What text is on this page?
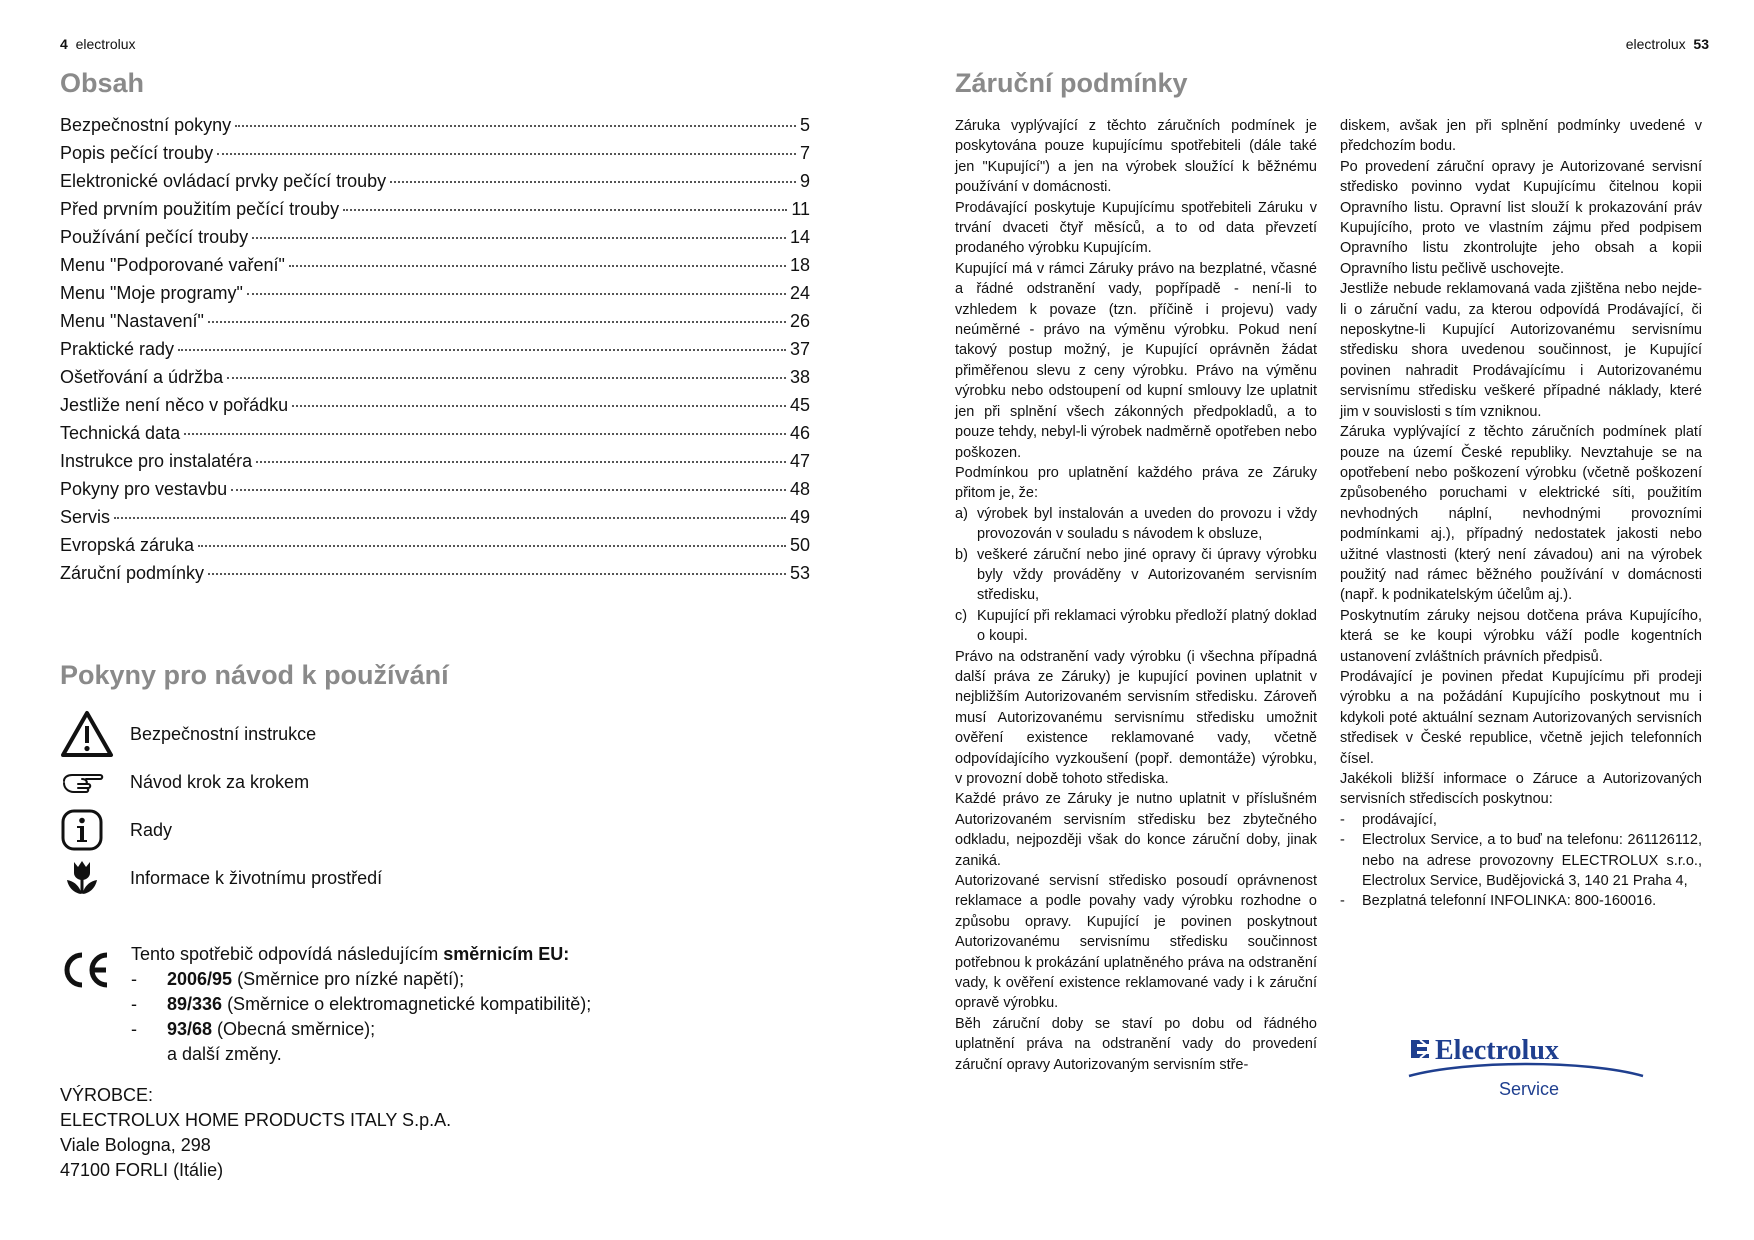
4 electrolux
Obsah
Bezpečnostní pokyny	5
Popis pečící trouby	7
Elektronické ovládací prvky pečící trouby	9
Před prvním použitím pečící trouby	11
Používání pečící trouby	14
Menu "Podporované vaření"	18
Menu "Moje programy"	24
Menu "Nastavení"	26
Praktické rady	37
Ošetřování a údržba	38
Jestliže není něco v pořádku	45
Technická data	46
Instrukce pro instalatéra	47
Pokyny pro vestavbu	48
Servis	49
Evropská záruka	50
Záruční podmínky	53
Pokyny pro návod k používání
Bezpečnostní instrukce
Návod krok za krokem
Rady
Informace k životnímu prostředí
Tento spotřebič odpovídá následujícím směrnicím EU:
-	2006/95 (Směrnice pro nízké napětí);
-	89/336 (Směrnice o elektromagnetické kompatibilitě);
-	93/68 (Obecná směrnice);
a další změny.
VÝROBCE:
ELECTROLUX HOME PRODUCTS ITALY S.p.A.
Viale Bologna, 298
47100 FORLI (Itálie)
electrolux 53
Záruční podmínky

Záruka vyplývající z těchto záručních podmínek je poskytována pouze kupujícímu spotřebiteli (dále také jen "Kupující") a jen na výrobek sloužící k běžnému používání v domácnosti.

Prodávající poskytuje Kupujícímu spotřebiteli Záruku v trvání dvaceti čtyř měsíců, a to od data převzetí prodaného výrobku Kupujícím.

Kupující má v rámci Záruky právo na bezplatné, včasné a řádné odstranění vady, popřípadě - není-li to vzhledem k povaze (tzn. příčině i projevu) vady neúměrné - právo na výměnu výrobku. Pokud není takový postup možný, je Kupující oprávněn žádat přiměřenou slevu z ceny výrobku. Právo na výměnu výrobku nebo odstoupení od kupní smlouvy lze uplatnit jen při splnění všech zákonných předpokladů, a to pouze tehdy, nebyl-li výrobek nadměrně opotřeben nebo poškozen.

Podmínkou pro uplatnění každého práva ze Záruky přitom je, že:

a) výrobek byl instalován a uveden do provozu i vždy provozován v souladu s návodem k obsluze,
b) veškeré záruční nebo jiné opravy či úpravy výrobku byly vždy prováděny v Autorizovaném servisním středisku,
c) Kupující při reklamaci výrobku předloží platný doklad o koupi.

Právo na odstranění vady výrobku (i všechna případná další práva ze Záruky) je kupující povinen uplatnit v nejbližším Autorizovaném servisním středisku. Zároveň musí Autorizovanému servisnímu středisku umožnit ověření existence reklamované vady, včetně odpovídajícího vyzkoušení (popř. demontáže) výrobku, v provozní době tohoto střediska.

Každé právo ze Záruky je nutno uplatnit v příslušném Autorizovaném servisním středisku bez zbytečného odkladu, nejpozději však do konce záruční doby, jinak zaniká.

Autorizované servisní středisko posoudí oprávnenost reklamace a podle povahy vady výrobku rozhodne o způsobu opravy. Kupující je povinen poskytnout Autorizovanému servisnímu středisku součinnost potřebnou k prokázání uplatněného práva na odstranění vady, k ověření existence reklamované vady i k záruční opravě výrobku.

Běh záruční doby se staví po dobu od řádného uplatnění práva na odstranění vady do provedení záruční opravy Autorizovaným servisním stře-

diskem, avšak jen při splnění podmínky uvedené v předchozím bodu.

Po provedení záruční opravy je Autorizované servisní středisko povinno vydat Kupujícímu čitelnou kopii Opravního listu. Opravní list slouží k prokazování práv Kupujícího, proto ve vlastním zájmu před podpisem Opravního listu zkontrolujte jeho obsah a kopii Opravního listu pečlivě uschovejte.

Jestliže nebude reklamovaná vada zjištěna nebo nejde-li o záruční vadu, za kterou odpovídá Prodávající, či neposkytne-li Kupující Autorizovanému servisnímu středisku shora uvedenou součinnost, je Kupující povinen nahradit Prodávajícímu i Autorizovanému servisnímu středisku veškeré případné náklady, které jim v souvislosti s tím vzniknou.

Záruka vyplývající z těchto záručních podmínek platí pouze na území České republiky. Nevztahuje se na opotřebení nebo poškození výrobku (včetně poškození způsobeného poruchami v elektrické síti, použitím nevhodných náplní, nevhodnými provozními podmínkami aj.), případný nedostatek jakosti nebo užitné vlastnosti (který není závadou) ani na výrobek použitý nad rámec běžného používání v domácnosti (např. k podnikatelským účelům aj.).

Poskytnutím záruky nejsou dotčena práva Kupujícího, která se ke koupi výrobku váží podle kogentních ustanovení zvláštních právních předpisů.

Prodávající je povinen předat Kupujícímu při prodeji výrobku a na požádání Kupujícího poskytnout mu i kdykoli poté aktuální seznam Autorizovaných servisních středisek v České republice, včetně jejich telefonních čísel.

Jakékoli bližší informace o Záruce a Autorizovaných servisních střediscích poskytnou:

-	prodávající,
-	Electrolux Service, a to buď na telefonu: 261126112, nebo na adrese provozovny ELECTROLUX s.r.o., Electrolux Service, Budějovická 3, 140 21 Praha 4,
-	Bezplatná telefonní INFOLINKA: 800-160016.
Electrolux
Service
